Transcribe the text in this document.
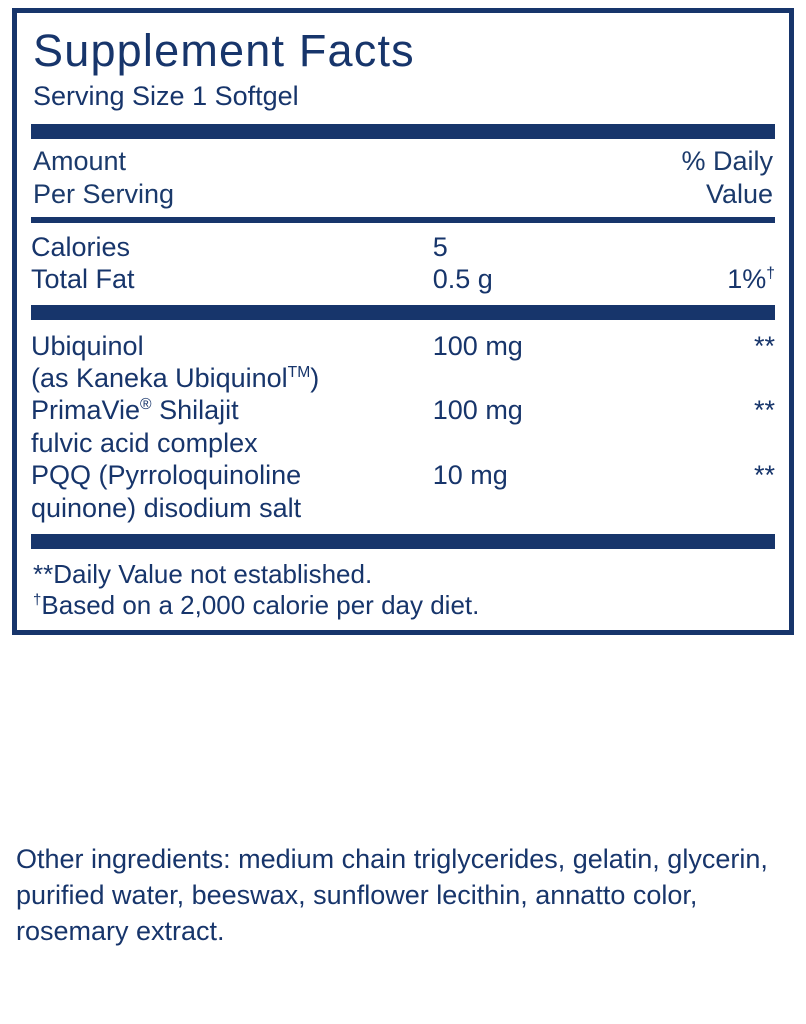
Supplement Facts
Serving Size 1 Softgel
Amount
Per Serving
% Daily
Value
Calories	5	
Total Fat	0.5 g	1%†
Ubiquinol	100 mg	**
(as Kaneka Ubiquinol™)		
PrimaVie® Shilajit	100 mg	**
fulvic acid complex		
PQQ (Pyrroloquinoline	10 mg	**
quinone) disodium salt		
**Daily Value not established.
†Based on a 2,000 calorie per day diet.
Other ingredients: medium chain triglycerides, gelatin, glycerin, purified water, beeswax, sunflower lecithin, annatto color, rosemary extract.
